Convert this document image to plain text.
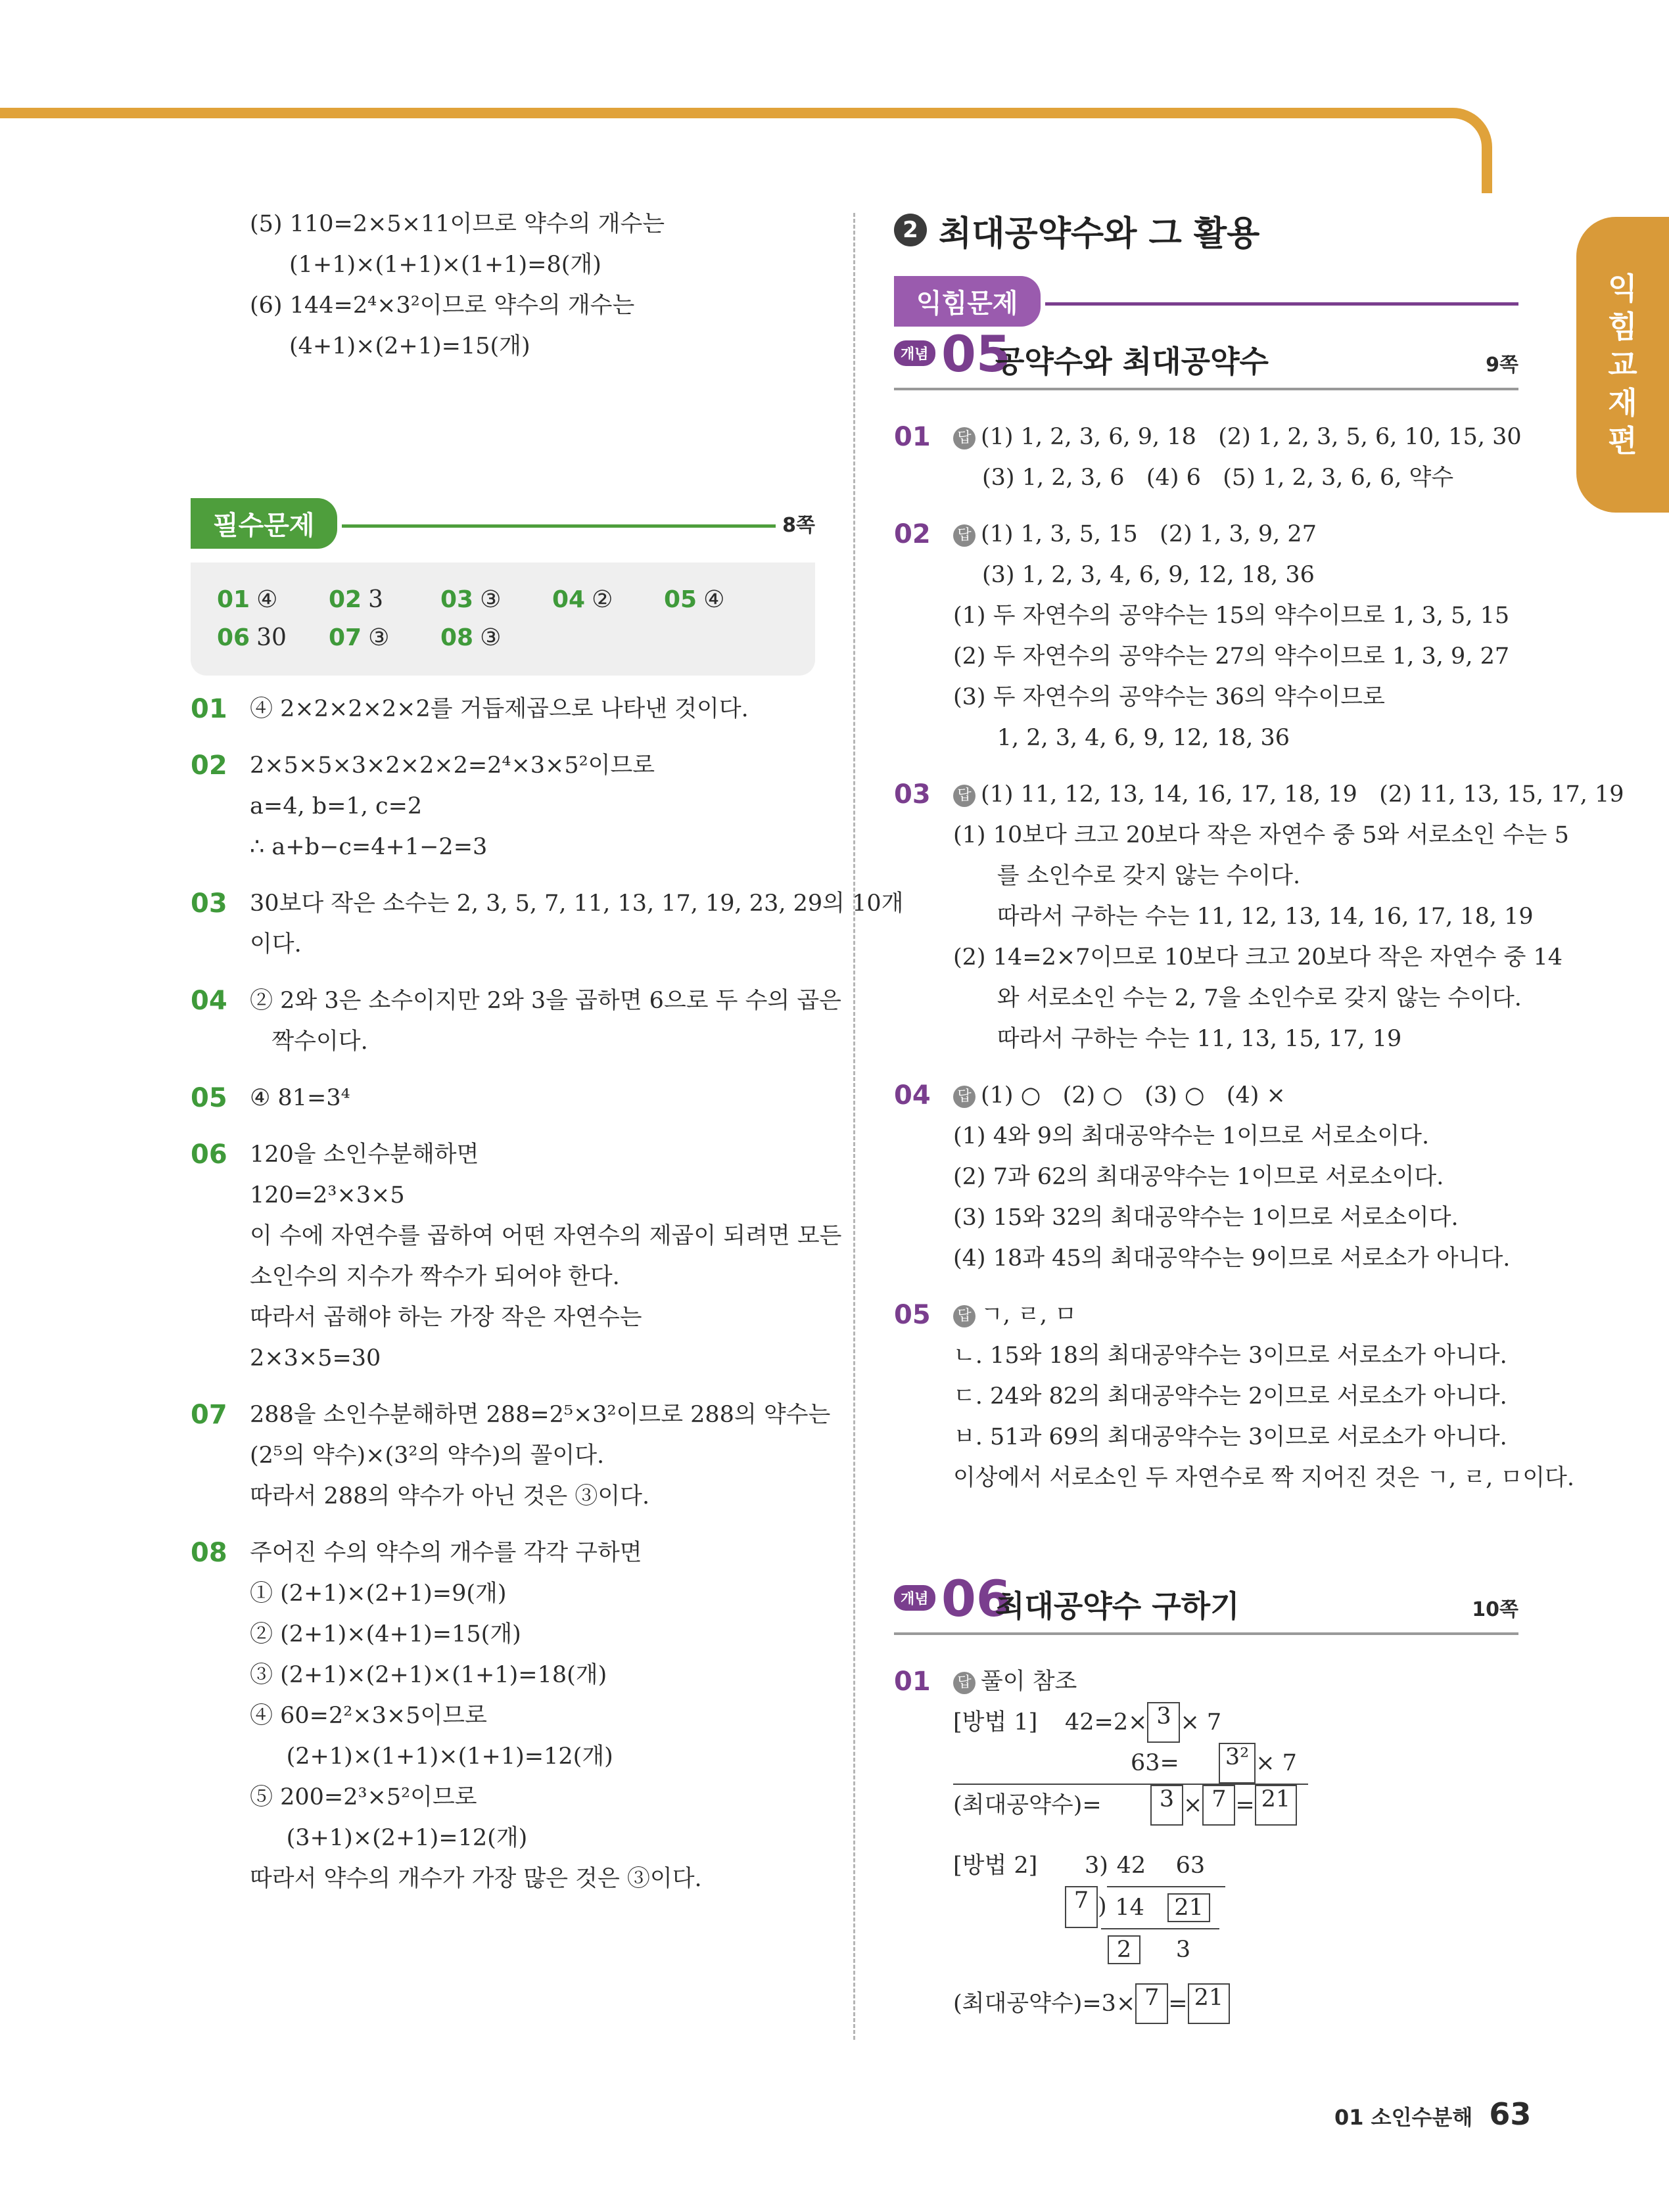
익
힘
교
재
편
(5) 110=2×5×11이므로 약수의 개수는
(1+1)×(1+1)×(1+1)=8(개)
(6) 144=2⁴×3²이므로 약수의 개수는
(4+1)×(2+1)=15(개)
필수문제	8쪽
01 ④	02 3	03 ③	04 ②	05 ④
06 30	07 ③	08 ③
01 ④ 2×2×2×2×2를 거듭제곱으로 나타낸 것이다.
02 2×5×5×3×2×2×2=2⁴×3×5²이므로
a=4, b=1, c=2
∴ a+b−c=4+1−2=3
03 30보다 작은 소수는 2, 3, 5, 7, 11, 13, 17, 19, 23, 29의 10개
이다.
04 ② 2와 3은 소수이지만 2와 3을 곱하면 6으로 두 수의 곱은
짝수이다.
05 ④ 81=3⁴
06 120을 소인수분해하면
120=2³×3×5
이 수에 자연수를 곱하여 어떤 자연수의 제곱이 되려면 모든
소인수의 지수가 짝수가 되어야 한다.
따라서 곱해야 하는 가장 작은 자연수는
2×3×5=30
07 288을 소인수분해하면 288=2⁵×3²이므로 288의 약수는
(2⁵의 약수)×(3²의 약수)의 꼴이다.
따라서 288의 약수가 아닌 것은 ③이다.
08 주어진 수의 약수의 개수를 각각 구하면
① (2+1)×(2+1)=9(개)
② (2+1)×(4+1)=15(개)
③ (2+1)×(2+1)×(1+1)=18(개)
④ 60=2²×3×5이므로
(2+1)×(1+1)×(1+1)=12(개)
⑤ 200=2³×5²이므로
(3+1)×(2+1)=12(개)
따라서 약수의 개수가 가장 많은 것은 ③이다.
2 최대공약수와 그 활용
익힘문제
개념 05
공약수와 최대공약수	9쪽
01 답 (1) 1, 2, 3, 6, 9, 18   (2) 1, 2, 3, 5, 6, 10, 15, 30
(3) 1, 2, 3, 6   (4) 6   (5) 1, 2, 3, 6, 6, 약수
02 답 (1) 1, 3, 5, 15   (2) 1, 3, 9, 27
(3) 1, 2, 3, 4, 6, 9, 12, 18, 36
(1) 두 자연수의 공약수는 15의 약수이므로 1, 3, 5, 15
(2) 두 자연수의 공약수는 27의 약수이므로 1, 3, 9, 27
(3) 두 자연수의 공약수는 36의 약수이므로
1, 2, 3, 4, 6, 9, 12, 18, 36
03 답 (1) 11, 12, 13, 14, 16, 17, 18, 19   (2) 11, 13, 15, 17, 19
(1) 10보다 크고 20보다 작은 자연수 중 5와 서로소인 수는 5
를 소인수로 갖지 않는 수이다.
따라서 구하는 수는 11, 12, 13, 14, 16, 17, 18, 19
(2) 14=2×7이므로 10보다 크고 20보다 작은 자연수 중 14
와 서로소인 수는 2, 7을 소인수로 갖지 않는 수이다.
따라서 구하는 수는 11, 13, 15, 17, 19
04 답 (1) ○   (2) ○   (3) ○   (4) ×
(1) 4와 9의 최대공약수는 1이므로 서로소이다.
(2) 7과 62의 최대공약수는 1이므로 서로소이다.
(3) 15와 32의 최대공약수는 1이므로 서로소이다.
(4) 18과 45의 최대공약수는 9이므로 서로소가 아니다.
05 답 ㄱ, ㄹ, ㅁ
ㄴ. 15와 18의 최대공약수는 3이므로 서로소가 아니다.
ㄷ. 24와 82의 최대공약수는 2이므로 서로소가 아니다.
ㅂ. 51과 69의 최대공약수는 3이므로 서로소가 아니다.
이상에서 서로소인 두 자연수로 짝 지어진 것은 ㄱ, ㄹ, ㅁ이다.
개념 06
최대공약수 구하기	10쪽
01 답 풀이 참조
[방법 1]	42=2× 3 × 7
63= 3² × 7
(최대공약수)=	3 × 7 = 21
[방법 2]	3 ) 42	63
7 ) 14	21
2	3
(최대공약수)=3× 7 = 21
01 소인수분해 63
